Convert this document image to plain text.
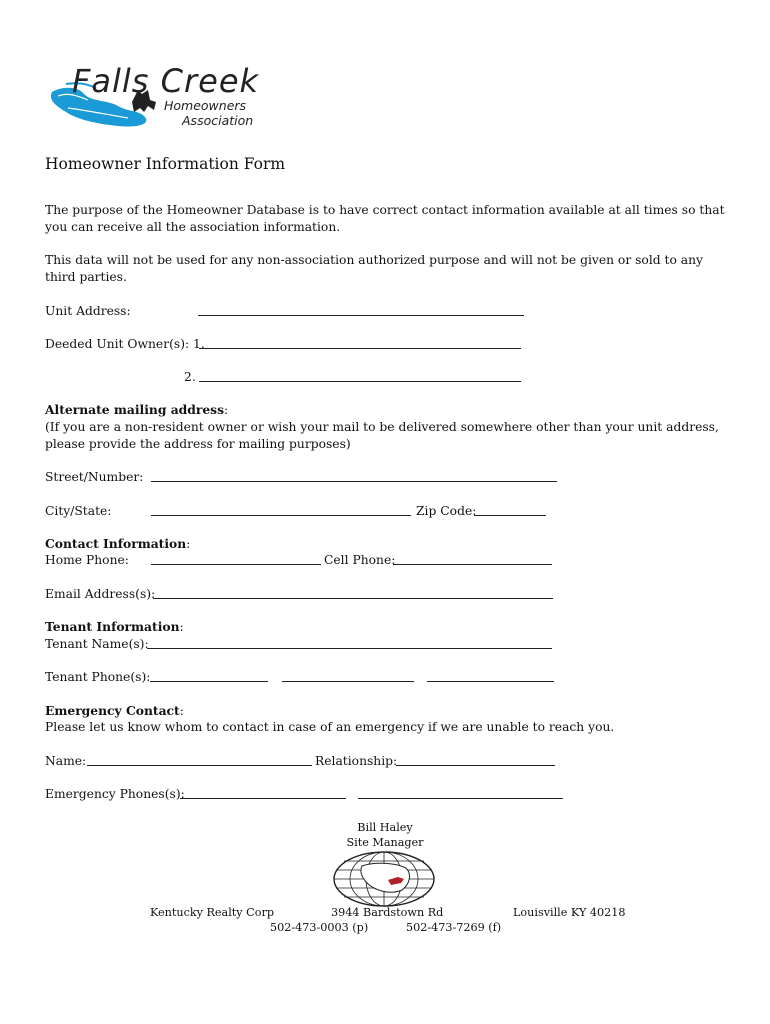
Falls Creek
Homeowners
Association
Homeowner Information Form
The purpose of the Homeowner Database is to have correct contact information available at all times so that you can receive all the association information.
This data will not be used for any non-association authorized purpose and will not be given or sold to any third parties.
Unit Address:
Deeded Unit Owner(s): 1.
2.
Alternate mailing address:
(If you are a non-resident owner or wish your mail to be delivered somewhere other than your unit address, please provide the address for mailing purposes)
Street/Number:
City/State:	Zip Code:
Contact Information:
Home Phone:	Cell Phone:
Email Address(s):
Tenant Information:
Tenant Name(s):
Tenant Phone(s):
Emergency Contact:
Please let us know whom to contact in case of an emergency if we are unable to reach you.
Name:	Relationship:
Emergency Phones(s):
Bill Haley
Site Manager
Kentucky Realty Corp	3944 Bardstown Rd	Louisville KY 40218
502-473-0003 (p)	502-473-7269 (f)
